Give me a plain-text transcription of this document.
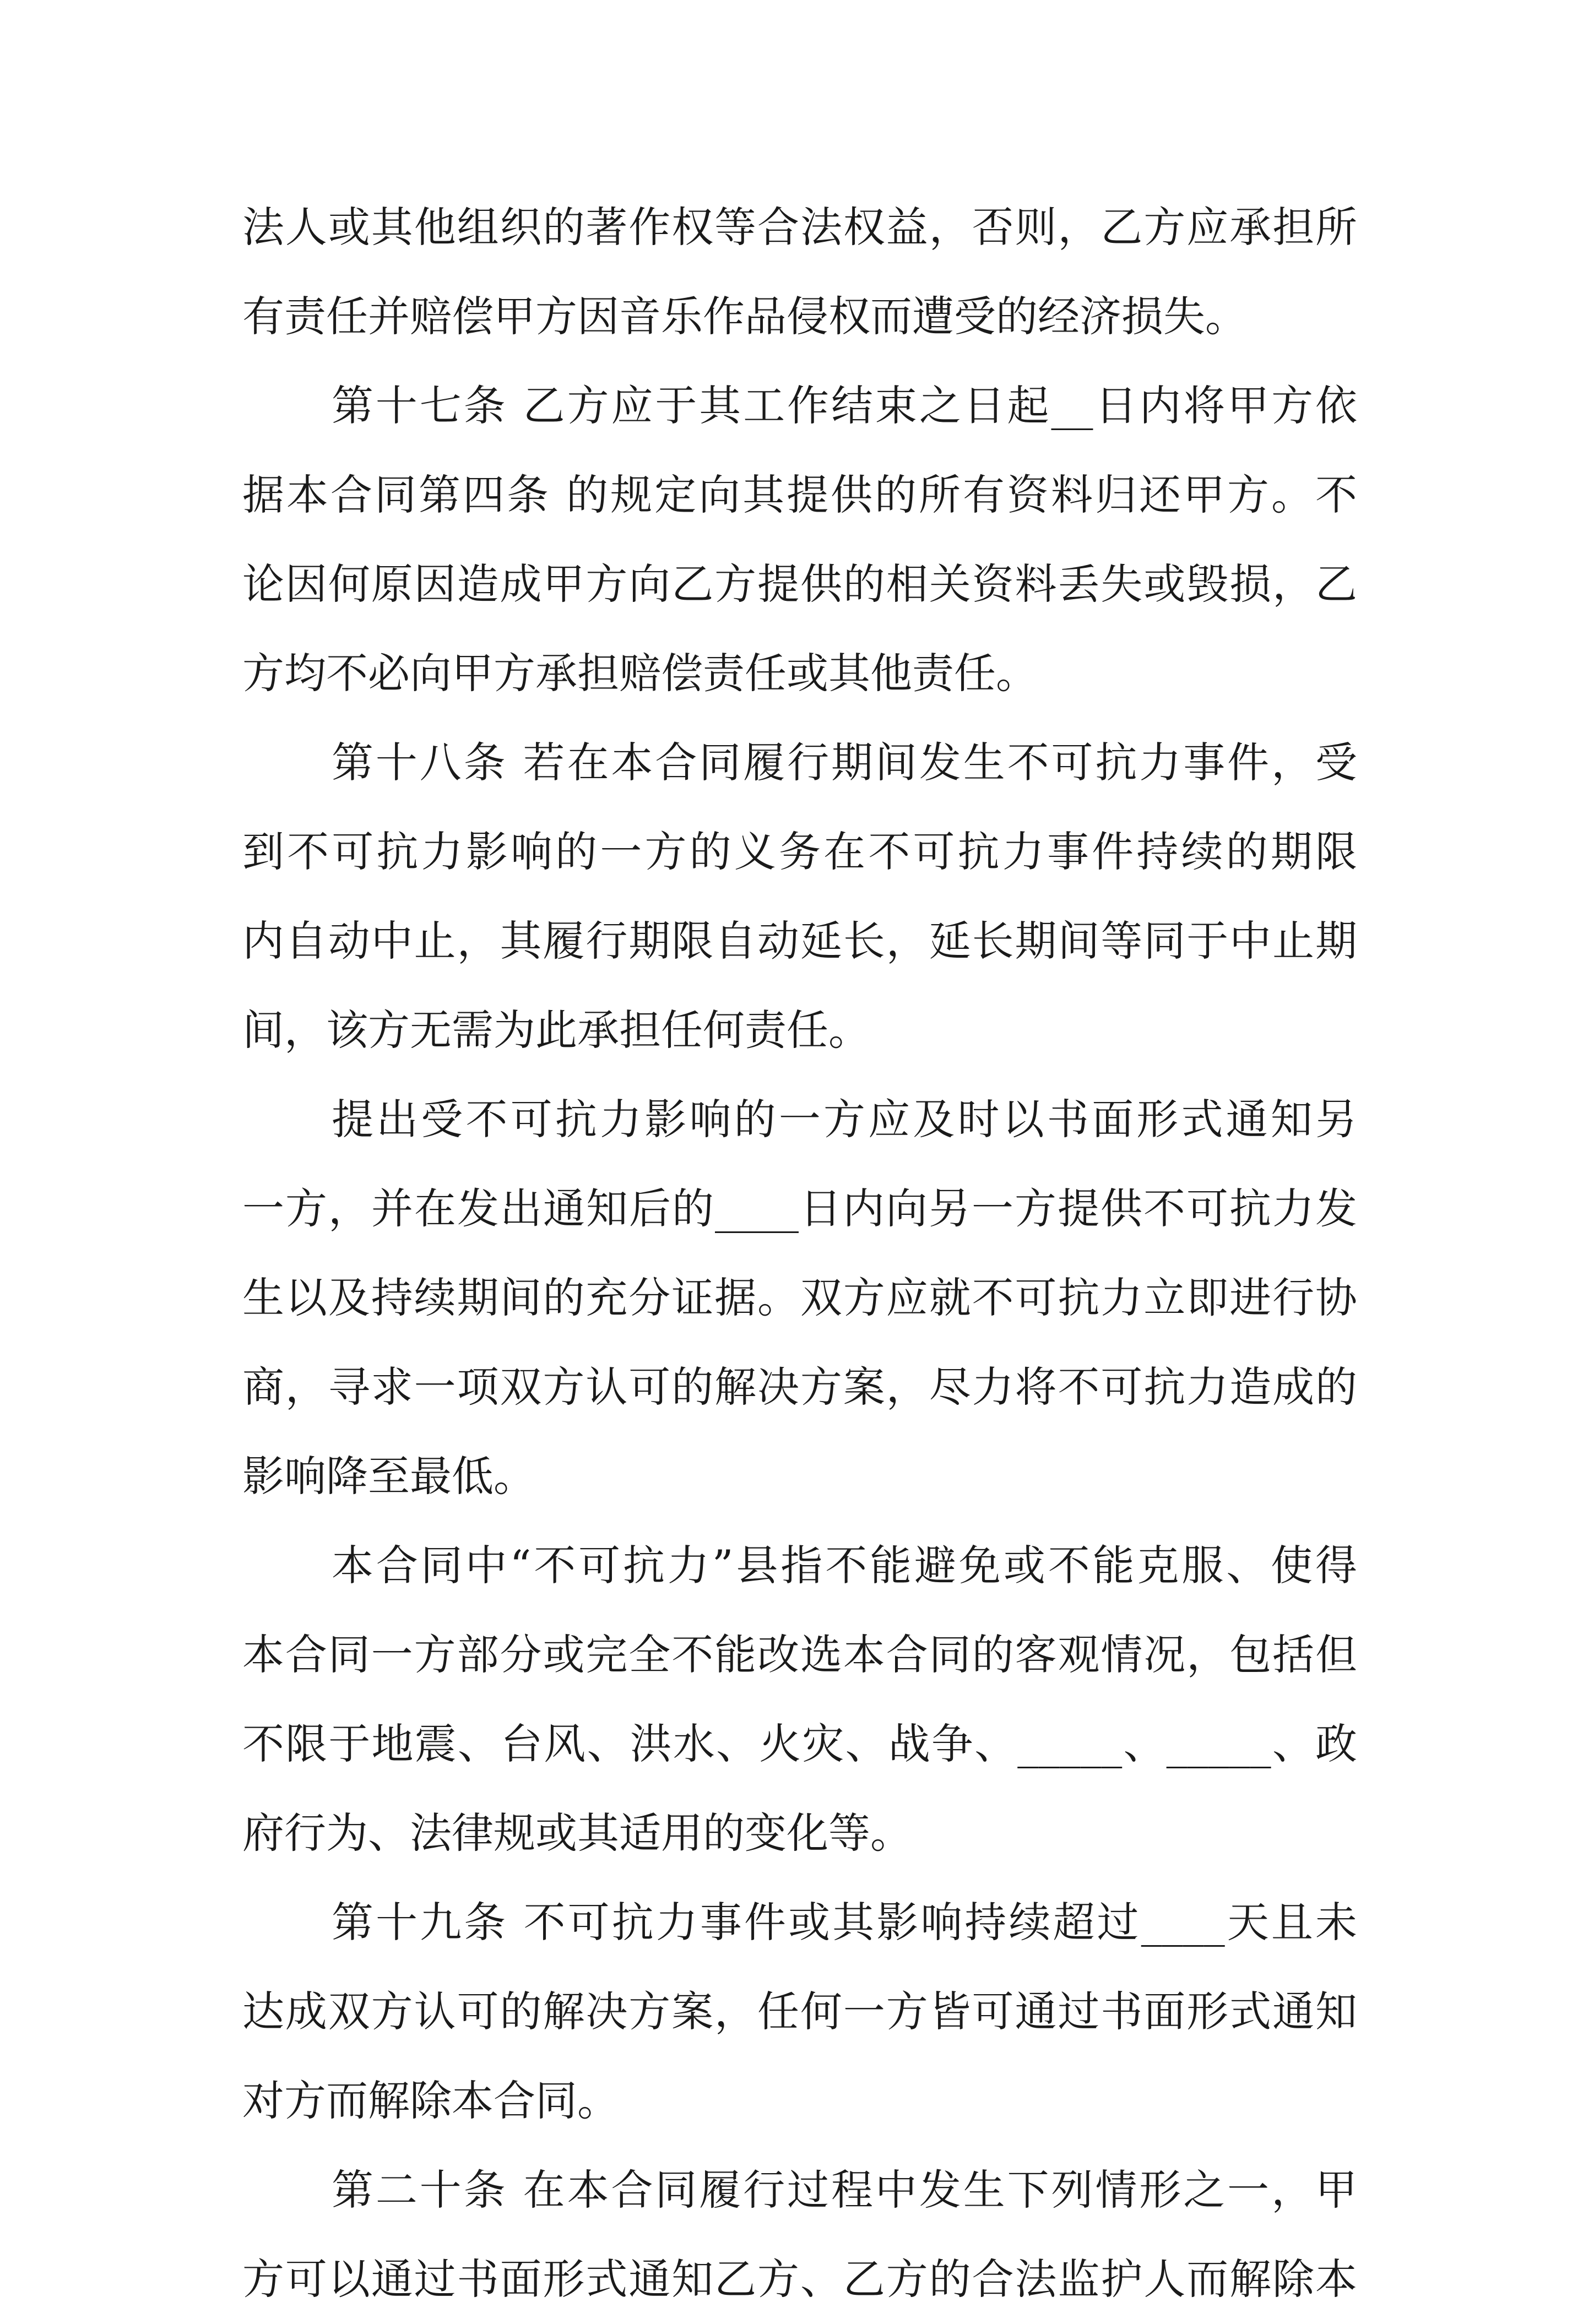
法人或其他组织的著作权等合法权益，否则，乙方应承担所
有责任并赔偿甲方因音乐作品侵权而遭受的经济损失。
第十七条 乙方应于其工作结束之日起__日内将甲方依
据本合同第四条 的规定向其提供的所有资料归还甲方。不
论因何原因造成甲方向乙方提供的相关资料丢失或毁损，乙
方均不必向甲方承担赔偿责任或其他责任。
第十八条 若在本合同履行期间发生不可抗力事件，受
到不可抗力影响的一方的义务在不可抗力事件持续的期限
内自动中止，其履行期限自动延长，延长期间等同于中止期
间，该方无需为此承担任何责任。
提出受不可抗力影响的一方应及时以书面形式通知另
一方，并在发出通知后的____日内向另一方提供不可抗力发
生以及持续期间的充分证据。双方应就不可抗力立即进行协
商，寻求一项双方认可的解决方案，尽力将不可抗力造成的
影响降至最低。
本合同中“不可抗力”县指不能避免或不能克服、使得
本合同一方部分或完全不能改选本合同的客观情况，包括但
不限于地震、台风、洪水、火灾、战争、_____、_____、政
府行为、法律规或其适用的变化等。
第十九条 不可抗力事件或其影响持续超过____天且未
达成双方认可的解决方案，任何一方皆可通过书面形式通知
对方而解除本合同。
第二十条 在本合同履行过程中发生下列情形之一，甲
方可以通过书面形式通知乙方、乙方的合法监护人而解除本
